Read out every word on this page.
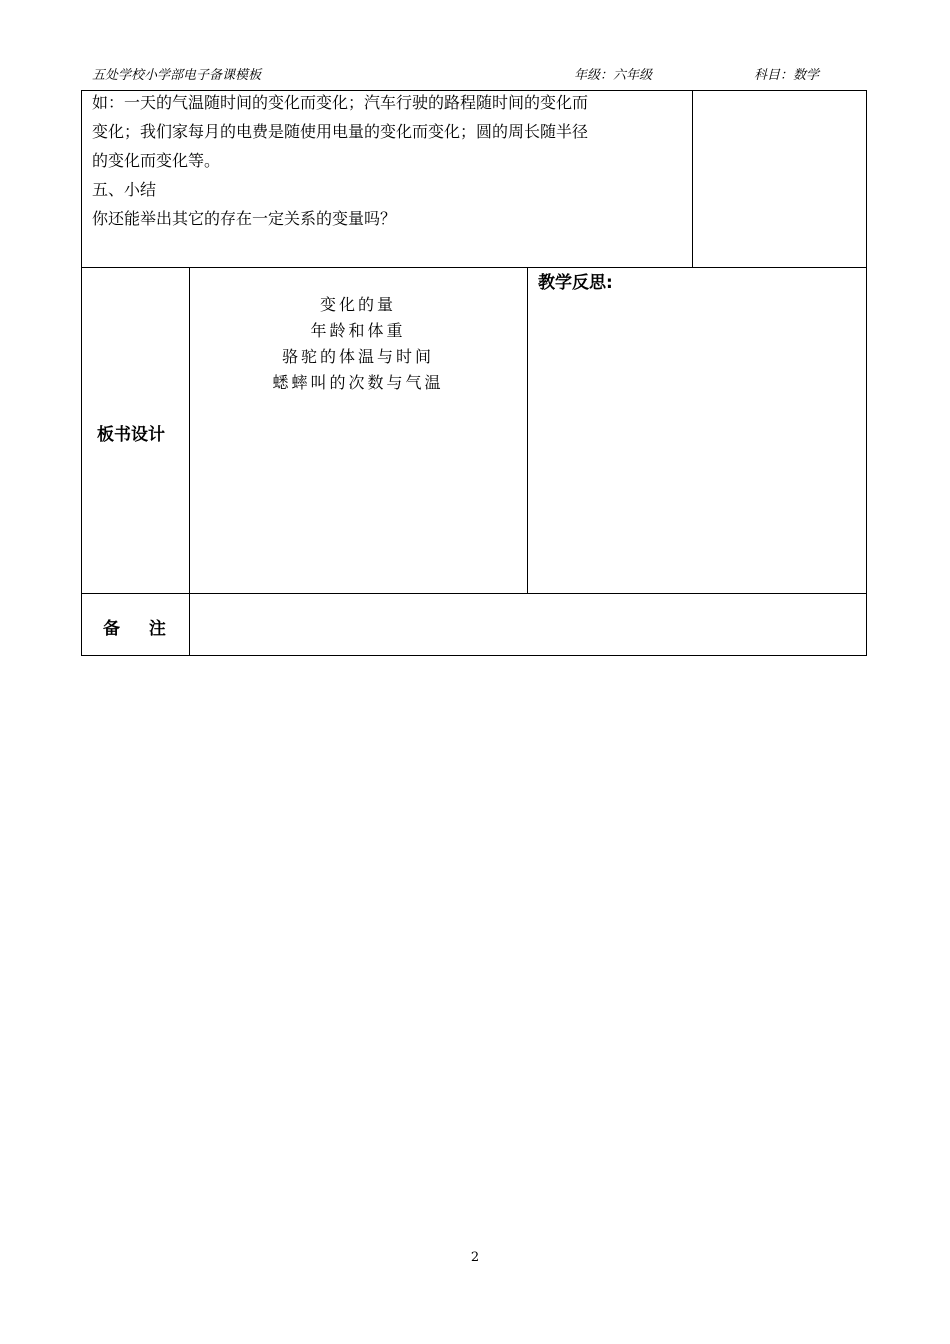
五处学校小学部电子备课模板	年级：六年级	科目：数学
如：一天的气温随时间的变化而变化；汽车行驶的路程随时间的变化而
变化；我们家每月的电费是随使用电量的变化而变化；圆的周长随半径
的变化而变化等。
五、小结
你还能举出其它的存在一定关系的变量吗？
板书设计
变化的量
年龄和体重
骆驼的体温与时间
蟋蟀叫的次数与气温
教学反思:
备　 注
2
